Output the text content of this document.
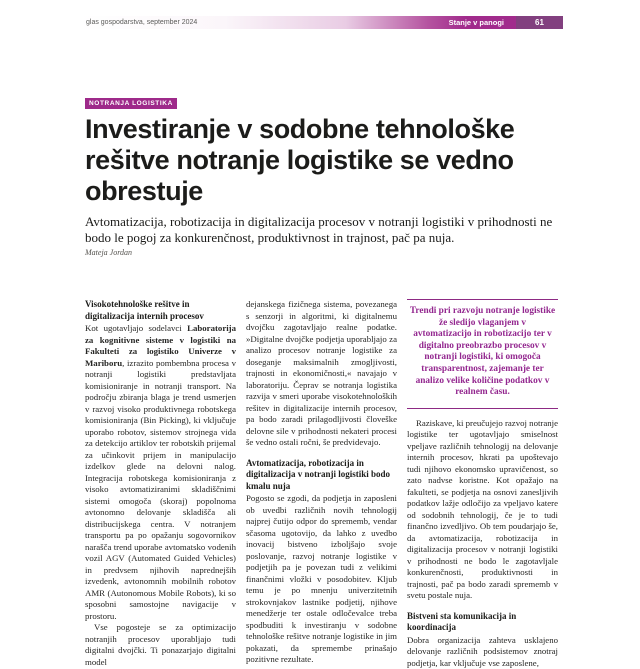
glas gospodarstva, september 2024	Stanje v panogi	61
NOTRANJA LOGISTIKA
Investiranje v sodobne tehnološke rešitve notranje logistike se vedno obrestuje

Avtomatizacija, robotizacija in digitalizacija procesov v notranji logistiki v prihodnosti ne bodo le pogoj za konkurenčnost, produktivnost in trajnost, pač pa nuja.

Mateja Jordan

Visokotehnološke rešitve in digitalizacija internih procesov

Kot ugotavljajo sodelavci Laboratorija za kognitivne sisteme v logistiki na Fakulteti za logistiko Univerze v Mariboru, izrazito pombembna procesa v notranji logistiki predstavljata komisioniranje in notranji transport. Na področju zbiranja blaga je trend usmerjen v razvoj visoko produktivnega robotskega komisioniranja (Bin Picking), ki vključuje uporabo robotov, sistemov strojnega vida za detekcijo artiklov ter robotskih prijemal za učinkovit prijem in manipulacijo izdelkov glede na delovni nalog. Integracija robotskega komisioniranja z visoko avtomatiziranimi skladiščnimi sistemi omogoča (skoraj) popolnoma avtonomno delovanje skladišča ali distribucijskega centra. V notranjem transportu pa po opažanju sogovornikov narašča trend uporabe avtomatsko vodenih vozil AGV (Automated Guided Vehicles) in predvsem njihovih naprednejših izvedenk, avtonomnih mobilnih robotov AMR (Autonomous Mobile Robots), ki so sposobni samostojne navigacije v prostoru.

Vse pogosteje se za optimizacijo notranjih procesov uporabljajo tudi digitalni dvojčki. Ti ponazarjajo digitalni model

dejanskega fizičnega sistema, povezanega s senzorji in algoritmi, ki digitalnemu dvojčku zagotavljajo realne podatke. »Digitalne dvojčke podjetja uporabljajo za analizo procesov notranje logistike za doseganje maksimalnih zmogljivosti, trajnosti in ekonomičnosti,« navajajo v laboratoriju. Čeprav se notranja logistika razvija v smeri uporabe visokotehnoloških rešitev in digitalizacije internih procesov, pa bodo zaradi prilagodljivosti človeške delovne sile v prihodnosti nekateri procesi še vedno ostali ročni, še predvidevajo.

Avtomatizacija, robotizacija in digitalizacija v notranji logistiki bodo kmalu nuja

Pogosto se zgodi, da podjetja in zaposleni ob uvedbi različnih novih tehnologij najprej čutijo odpor do sprememb, vendar sčasoma ugotovijo, da lahko z uvedbo inovacij bistveno izboljšajo svoje poslovanje, razvoj notranje logistike v podjetjih pa je povezan tudi z velikimi finančnimi vložki v posodobitev. Kljub temu je po mnenju univerzitetnih strokovnjakov lastnike podjetij, njihove menedžerje ter ostale odločevalce treba spodbuditi k investiranju v sodobne tehnološke rešitve notranje logistike in jim pokazati, da spremembe prinašajo pozitivne rezultate.

Trendi pri razvoju notranje logistike že sledijo vlaganjem v avtomatizacijo in robotizacijo ter v digitalno preobrazbo procesov v notranji logistiki, ki omogoča transparentnost, zajemanje ter analizo velike količine podatkov v realnem času.

Raziskave, ki preučujejo razvoj notranje logistike ter ugotavljajo smiselnost vpeljave različnih tehnologij na delovanje internih procesov, hkrati pa upoštevajo tudi njihovo ekonomsko upravičenost, so zato nadvse koristne. Kot opažajo na fakulteti, se podjetja na osnovi zanesljivih podatkov lažje odločijo za vpeljavo katere od sodobnih tehnologij, če je to tudi finančno izvedljivo. Ob tem poudarjajo še, da avtomatizacija, robotizacija in digitalizacija procesov v notranji logistiki v prihodnosti ne bodo le zagotavljale konkurenčnosti, produktivnosti in trajnosti, pač pa bodo zaradi sprememb v svetu postale nuja.

Bistveni sta komunikacija in koordinacija

Dobra organizacija zahteva usklajeno delovanje različnih podsistemov znotraj podjetja, kar vključuje vse zaposlene,
